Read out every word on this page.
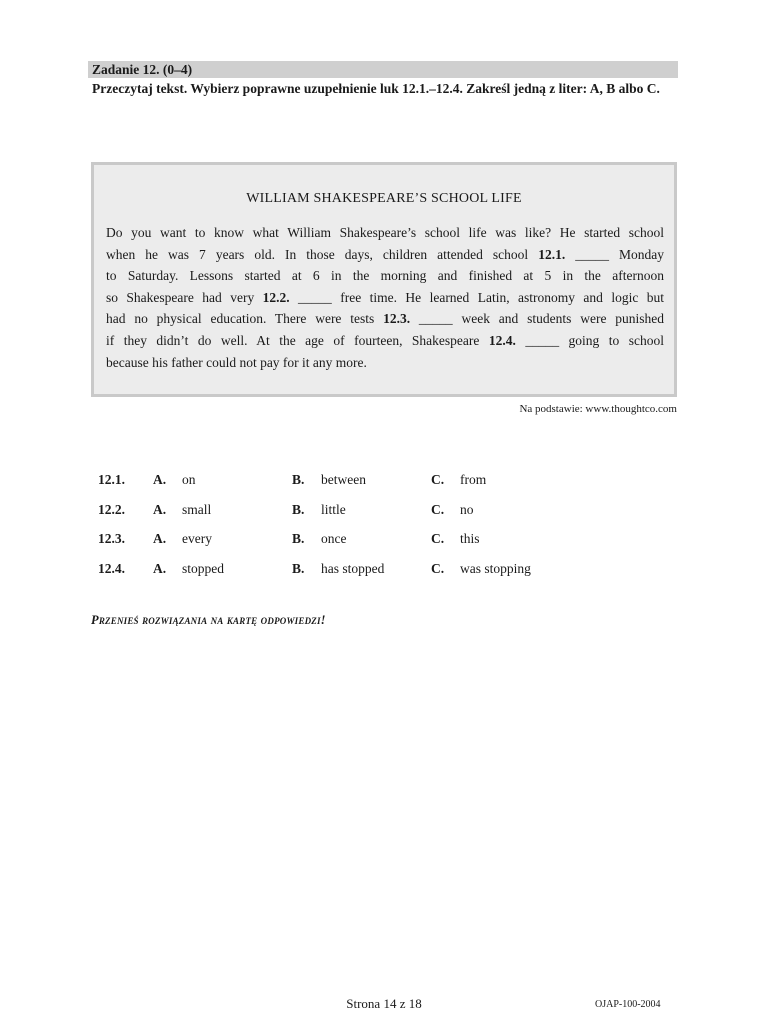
Zadanie 12. (0–4)
Przeczytaj tekst. Wybierz poprawne uzupełnienie luk 12.1.–12.4. Zakreśl jedną z liter: A, B albo C.
WILLIAM SHAKESPEARE’S SCHOOL LIFE
Do you want to know what William Shakespeare’s school life was like? He started school
when he was 7 years old. In those days, children attended school 12.1. _____ Monday
to Saturday. Lessons started at 6 in the morning and finished at 5 in the afternoon
so Shakespeare had very 12.2. _____ free time. He learned Latin, astronomy and logic but
had no physical education. There were tests 12.3. _____ week and students were punished
if they didn’t do well. At the age of fourteen, Shakespeare 12.4. _____ going to school
because his father could not pay for it any more.
Na podstawie: www.thoughtco.com
12.1. A. on	B. between	C. from
12.2. A. small	B. little	C. no
12.3. A. every	B. once	C. this
12.4. A. stopped	B. has stopped	C. was stopping
Przenieś rozwiązania na kartę odpowiedzi!
Strona 14 z 18	OJAP-100-2004
